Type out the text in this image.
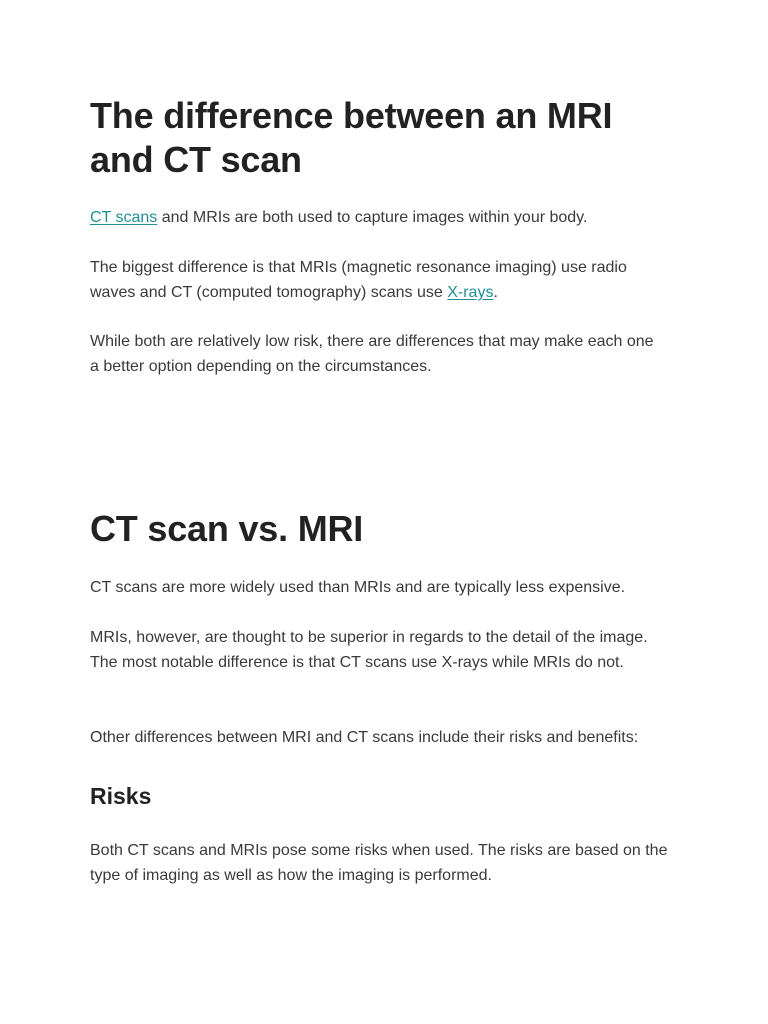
The difference between an MRI and CT scan

CT scans and MRIs are both used to capture images within your body.

The biggest difference is that MRIs (magnetic resonance imaging) use radio waves and CT (computed tomography) scans use X-rays.

While both are relatively low risk, there are differences that may make each one a better option depending on the circumstances.

CT scan vs. MRI

CT scans are more widely used than MRIs and are typically less expensive.

MRIs, however, are thought to be superior in regards to the detail of the image. The most notable difference is that CT scans use X-rays while MRIs do not.

Other differences between MRI and CT scans include their risks and benefits:

Risks

Both CT scans and MRIs pose some risks when used. The risks are based on the type of imaging as well as how the imaging is performed.
